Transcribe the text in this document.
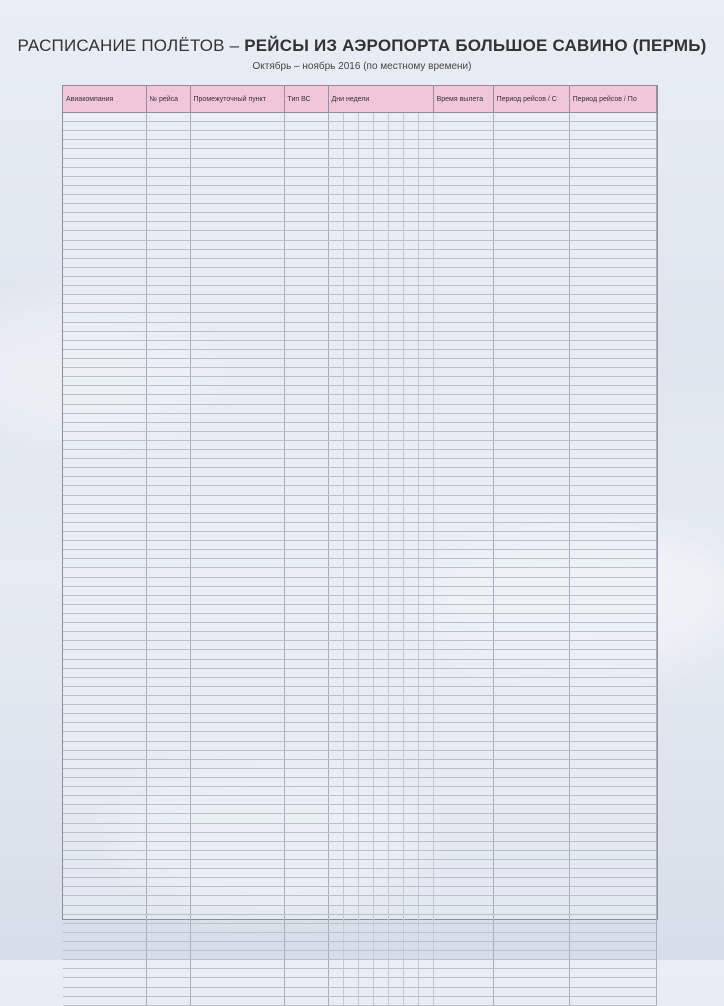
РАСПИСАНИЕ ПОЛЁТОВ – РЕЙСЫ ИЗ АЭРОПОРТА БОЛЬШОЕ САВИНО (ПЕРМЬ)
Октябрь – ноябрь 2016 (по местному времени)
Авиакомпания	№ рейса	Промежуточный пункт	Тип ВС	Дни недели							Время вылета	Период рейсов / С	Период рейсов / По
